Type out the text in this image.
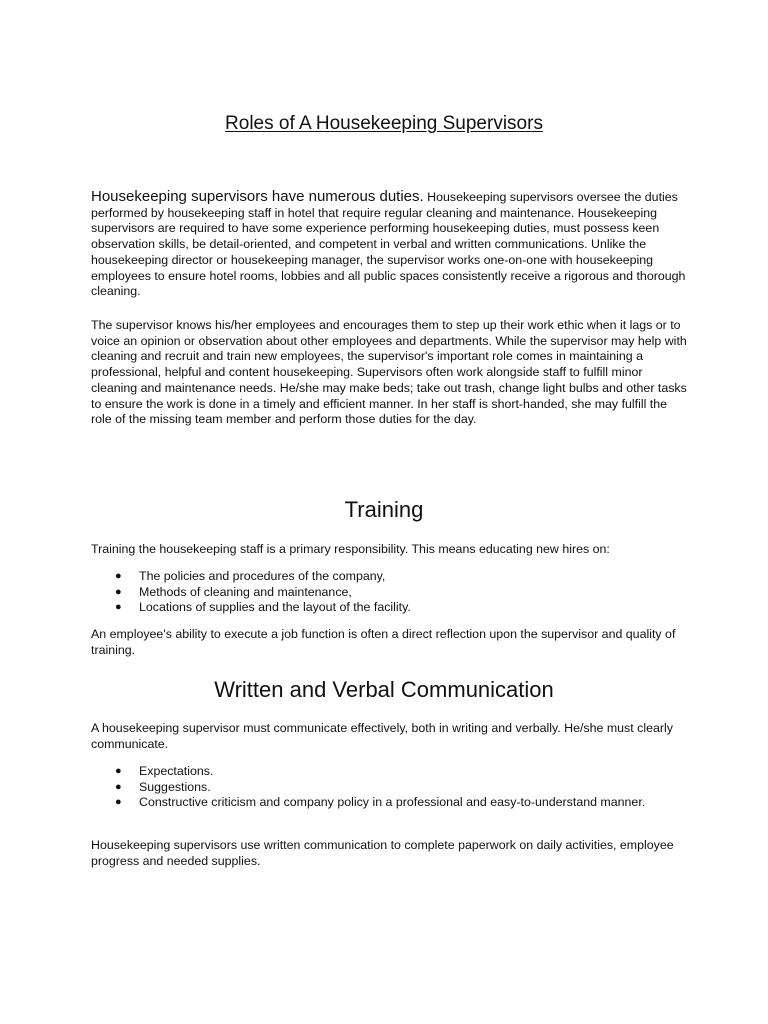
Roles of A Housekeeping Supervisors

Housekeeping supervisors have numerous duties. Housekeeping supervisors oversee the duties performed by housekeeping staff in hotel that require regular cleaning and maintenance. Housekeeping supervisors are required to have some experience performing housekeeping duties, must possess keen observation skills, be detail-oriented, and competent in verbal and written communications. Unlike the housekeeping director or housekeeping manager, the supervisor works one-on-one with housekeeping employees to ensure hotel rooms, lobbies and all public spaces consistently receive a rigorous and thorough cleaning.

The supervisor knows his/her employees and encourages them to step up their work ethic when it lags or to voice an opinion or observation about other employees and departments. While the supervisor may help with cleaning and recruit and train new employees, the supervisor's important role comes in maintaining a professional, helpful and content housekeeping. Supervisors often work alongside staff to fulfill minor cleaning and maintenance needs. He/she may make beds; take out trash, change light bulbs and other tasks to ensure the work is done in a timely and efficient manner. In her staff is short-handed, she may fulfill the role of the missing team member and perform those duties for the day.

Training

Training the housekeeping staff is a primary responsibility. This means educating new hires on:

● The policies and procedures of the company,
● Methods of cleaning and maintenance,
● Locations of supplies and the layout of the facility.

An employee's ability to execute a job function is often a direct reflection upon the supervisor and quality of training.

Written and Verbal Communication

A housekeeping supervisor must communicate effectively, both in writing and verbally. He/she must clearly communicate.

● Expectations.
● Suggestions.
● Constructive criticism and company policy in a professional and easy-to-understand manner.

Housekeeping supervisors use written communication to complete paperwork on daily activities, employee progress and needed supplies.
